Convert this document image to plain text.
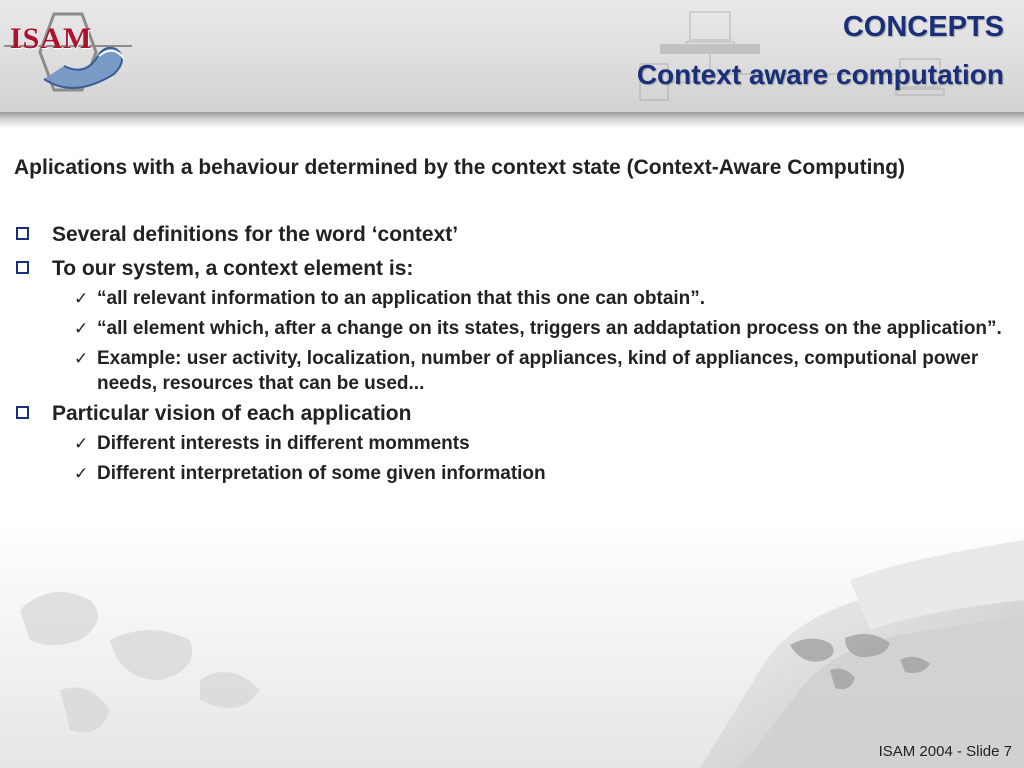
ISAM	CONCEPTS
Context aware computation
Aplications with a behaviour determined by the context state (Context-Aware Computing)
Several definitions for the word ‘context’
To our system, a context element is:
✓ “all relevant information to an application that this one can obtain”.
✓ “all element which, after a change on its states, triggers an addaptation process on the application”.
✓ Example: user activity, localization, number of appliances, kind of appliances, computional power needs, resources that can be used...
Particular vision of each application
✓ Different interests in different momments
✓ Different interpretation of some given information
ISAM 2004 - Slide 7
